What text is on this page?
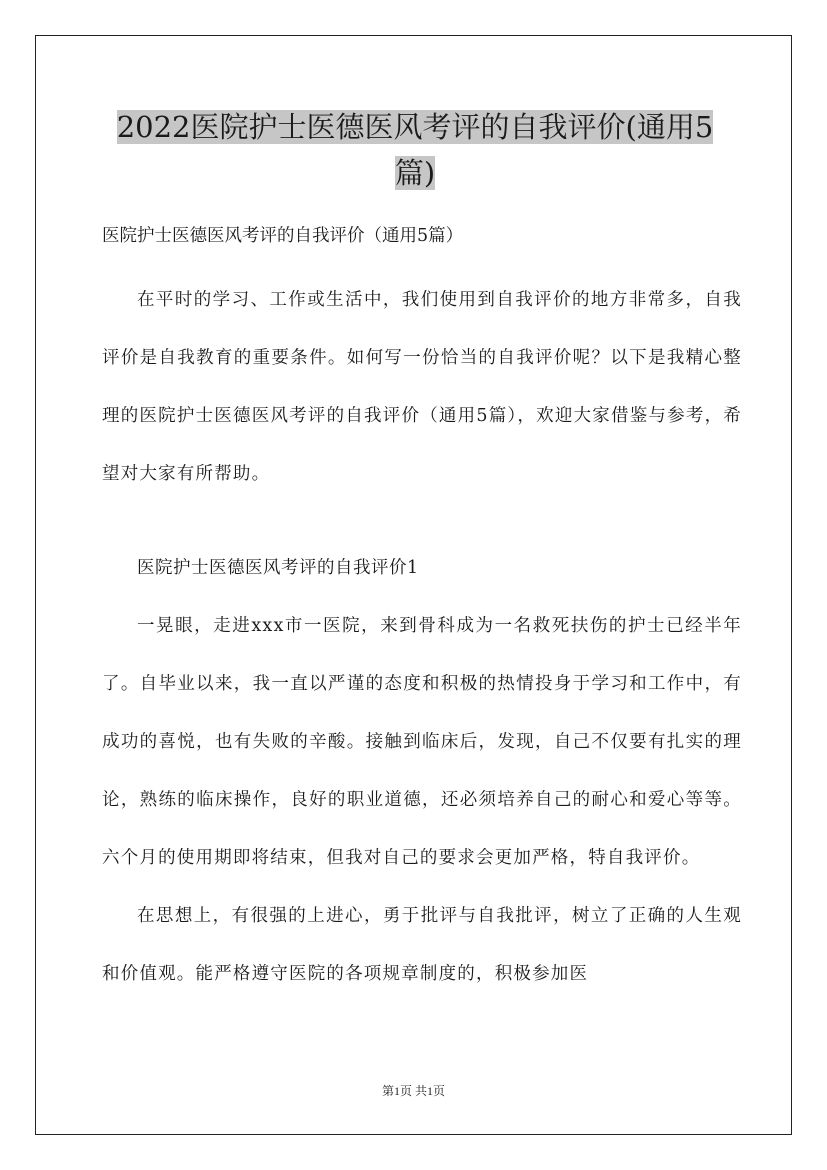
2022医院护士医德医风考评的自我评价(通用5
篇)
医院护士医德医风考评的自我评价（通用5篇）

在平时的学习、工作或生活中，我们使用到自我评价的地方非常多，自我评价是自我教育的重要条件。如何写一份恰当的自我评价呢？以下是我精心整理的医院护士医德医风考评的自我评价（通用5篇），欢迎大家借鉴与参考，希望对大家有所帮助。

医院护士医德医风考评的自我评价1

一晃眼，走进xxx市一医院，来到骨科成为一名救死扶伤的护士已经半年了。自毕业以来，我一直以严谨的态度和积极的热情投身于学习和工作中，有成功的喜悦，也有失败的辛酸。接触到临床后，发现，自己不仅要有扎实的理论，熟练的临床操作，良好的职业道德，还必须培养自己的耐心和爱心等等。六个月的使用期即将结束，但我对自己的要求会更加严格，特自我评价。

在思想上，有很强的上进心，勇于批评与自我批评，树立了正确的人生观和价值观。能严格遵守医院的各项规章制度的，积极参加医

第1页 共1页
